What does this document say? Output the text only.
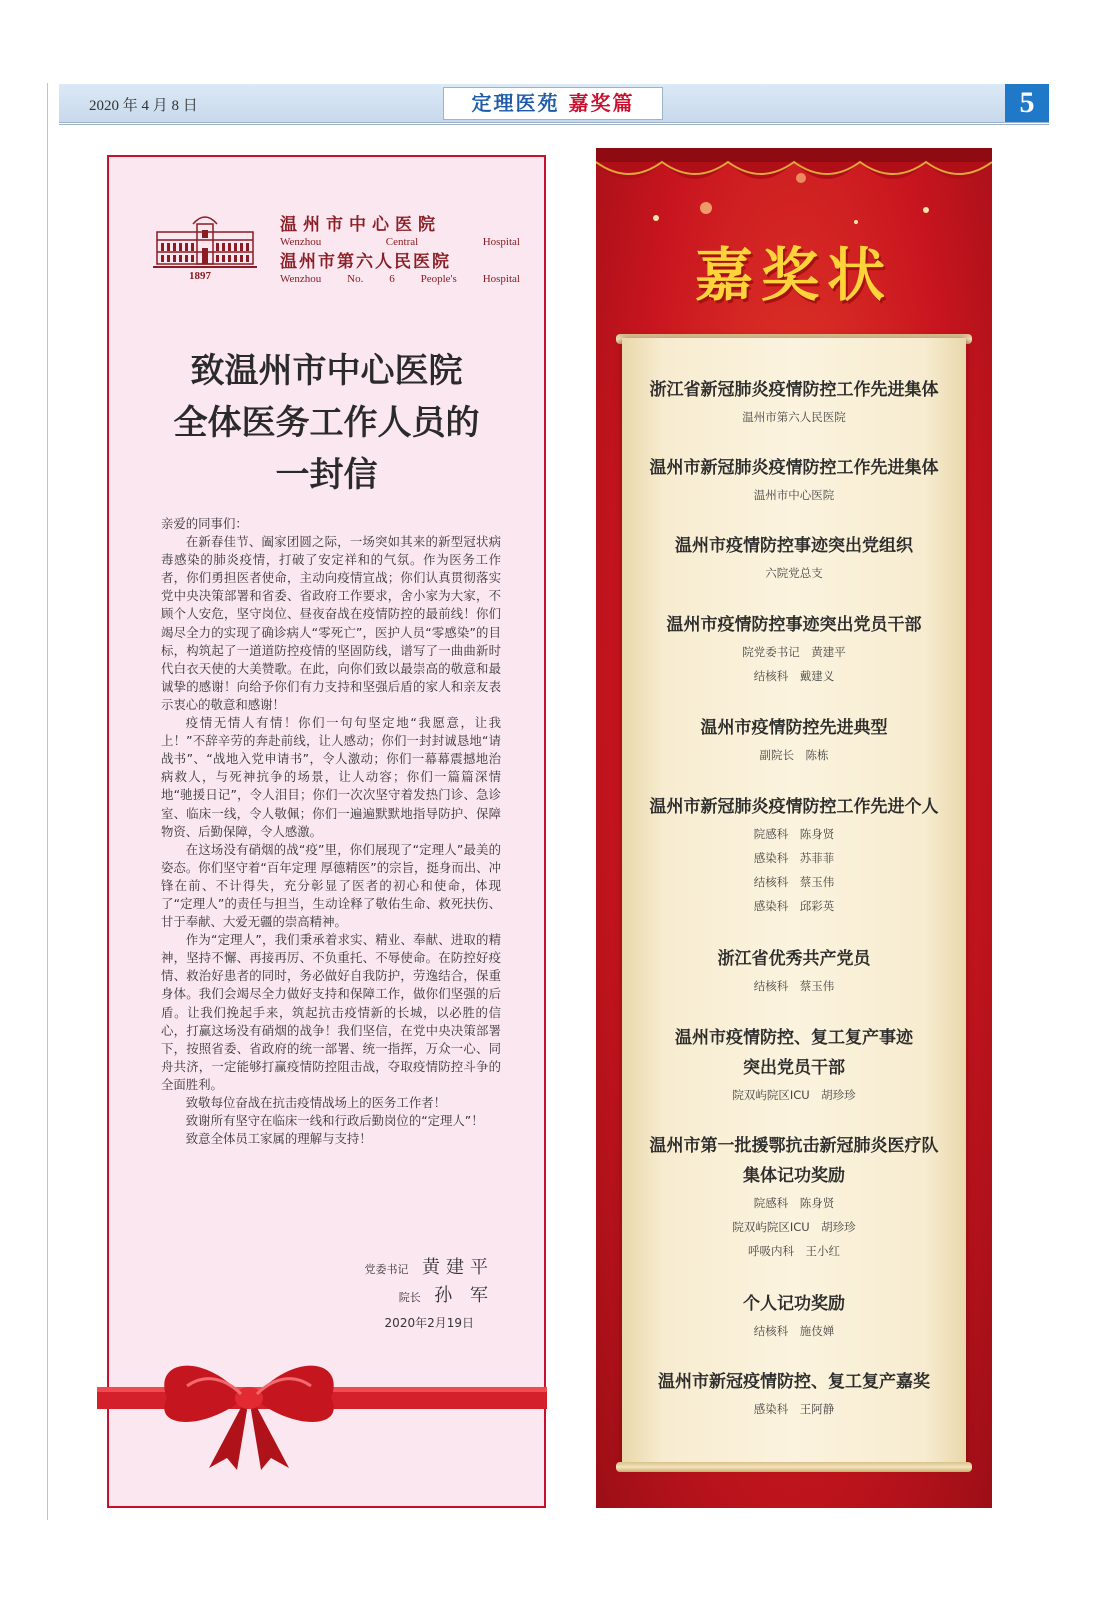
2020 年 4 月 8 日	定理医苑 嘉奖篇	5
1897
温州市中心医院
Wenzhou	Central	Hospital
温州市第六人民医院
Wenzhou No. 6 People's Hospital
致温州市中心医院
全体医务工作人员的
一封信

亲爱的同事们：

在新春佳节、阖家团圆之际，一场突如其来的新型冠状病毒感染的肺炎疫情，打破了安定祥和的气氛。作为医务工作者，你们勇担医者使命，主动向疫情宣战；你们认真贯彻落实党中央决策部署和省委、省政府工作要求，舍小家为大家，不顾个人安危，坚守岗位、昼夜奋战在疫情防控的最前线！你们竭尽全力的实现了确诊病人“零死亡”，医护人员“零感染”的目标，构筑起了一道道防控疫情的坚固防线，谱写了一曲曲新时代白衣天使的大美赞歌。在此，向你们致以最崇高的敬意和最诚挚的感谢！向给予你们有力支持和坚强后盾的家人和亲友表示衷心的敬意和感谢！

疫情无情人有情！你们一句句坚定地“我愿意，让我上！”不辞辛劳的奔赴前线，让人感动；你们一封封诚恳地“请战书”、“战地入党申请书”，令人激动；你们一幕幕震撼地治病救人，与死神抗争的场景，让人动容；你们一篇篇深情地“驰援日记”，令人泪目；你们一次次坚守着发热门诊、急诊室、临床一线，令人敬佩；你们一遍遍默默地指导防护、保障物资、后勤保障，令人感激。

在这场没有硝烟的战“疫”里，你们展现了“定理人”最美的姿态。你们坚守着“百年定理 厚德精医”的宗旨，挺身而出、冲锋在前、不计得失，充分彰显了医者的初心和使命，体现了“定理人”的责任与担当，生动诠释了敬佑生命、救死扶伤、甘于奉献、大爱无疆的崇高精神。

作为“定理人”，我们秉承着求实、精业、奉献、进取的精神，坚持不懈、再接再厉、不负重托、不辱使命。在防控好疫情、救治好患者的同时，务必做好自我防护，劳逸结合，保重身体。我们会竭尽全力做好支持和保障工作，做你们坚强的后盾。让我们挽起手来，筑起抗击疫情新的长城，以必胜的信心，打赢这场没有硝烟的战争！我们坚信，在党中央决策部署下，按照省委、省政府的统一部署、统一指挥，万众一心、同舟共济，一定能够打赢疫情防控阻击战，夺取疫情防控斗争的全面胜利。

致敬每位奋战在抗击疫情战场上的医务工作者！

致谢所有坚守在临床一线和行政后勤岗位的“定理人”！

致意全体员工家属的理解与支持！

党委书记 黄建平
院长 孙 军
2020年2月19日
嘉奖状
浙江省新冠肺炎疫情防控工作先进集体
温州市第六人民医院
温州市新冠肺炎疫情防控工作先进集体
温州市中心医院
温州市疫情防控事迹突出党组织
六院党总支
温州市疫情防控事迹突出党员干部
院党委书记　黄建平
结核科　戴建义
温州市疫情防控先进典型
副院长　陈栋
温州市新冠肺炎疫情防控工作先进个人
院感科　陈身贤
感染科　苏菲菲
结核科　蔡玉伟
感染科　邱彩英
浙江省优秀共产党员
结核科　蔡玉伟
温州市疫情防控、复工复产事迹
突出党员干部
院双屿院区ICU　胡珍珍
温州市第一批援鄂抗击新冠肺炎医疗队
集体记功奖励
院感科　陈身贤
院双屿院区ICU　胡珍珍
呼吸内科　王小红
个人记功奖励
结核科　施伎婵
温州市新冠疫情防控、复工复产嘉奖
感染科　王阿静
